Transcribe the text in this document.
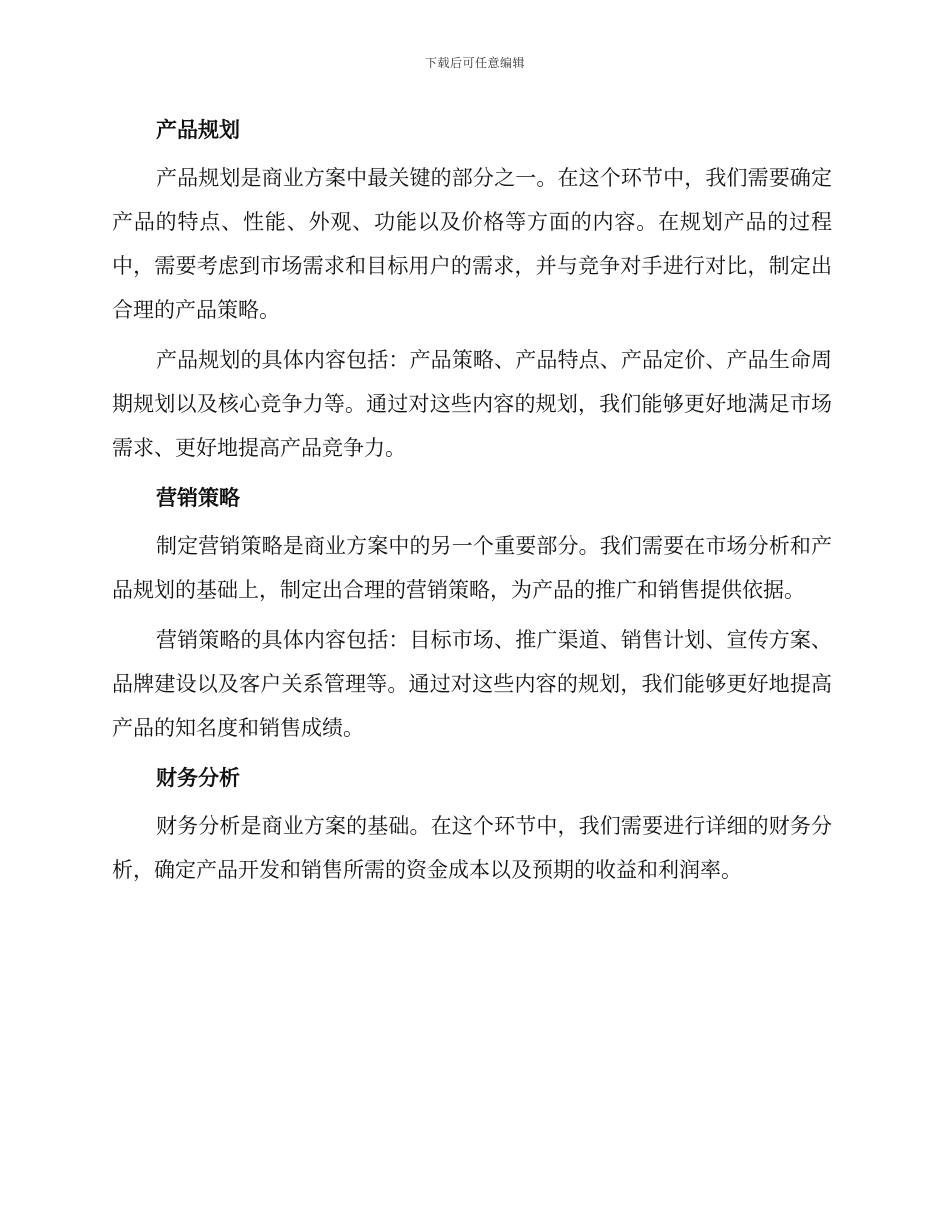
下载后可任意编辑
产品规划

产品规划是商业方案中最关键的部分之一。在这个环节中，我们需要确定产品的特点、性能、外观、功能以及价格等方面的内容。在规划产品的过程中，需要考虑到市场需求和目标用户的需求，并与竞争对手进行对比，制定出合理的产品策略。

产品规划的具体内容包括：产品策略、产品特点、产品定价、产品生命周期规划以及核心竞争力等。通过对这些内容的规划，我们能够更好地满足市场需求、更好地提高产品竞争力。

营销策略

制定营销策略是商业方案中的另一个重要部分。我们需要在市场分析和产品规划的基础上，制定出合理的营销策略，为产品的推广和销售提供依据。

营销策略的具体内容包括：目标市场、推广渠道、销售计划、宣传方案、品牌建设以及客户关系管理等。通过对这些内容的规划，我们能够更好地提高产品的知名度和销售成绩。

财务分析

财务分析是商业方案的基础。在这个环节中，我们需要进行详细的财务分析，确定产品开发和销售所需的资金成本以及预期的收益和利润率。
